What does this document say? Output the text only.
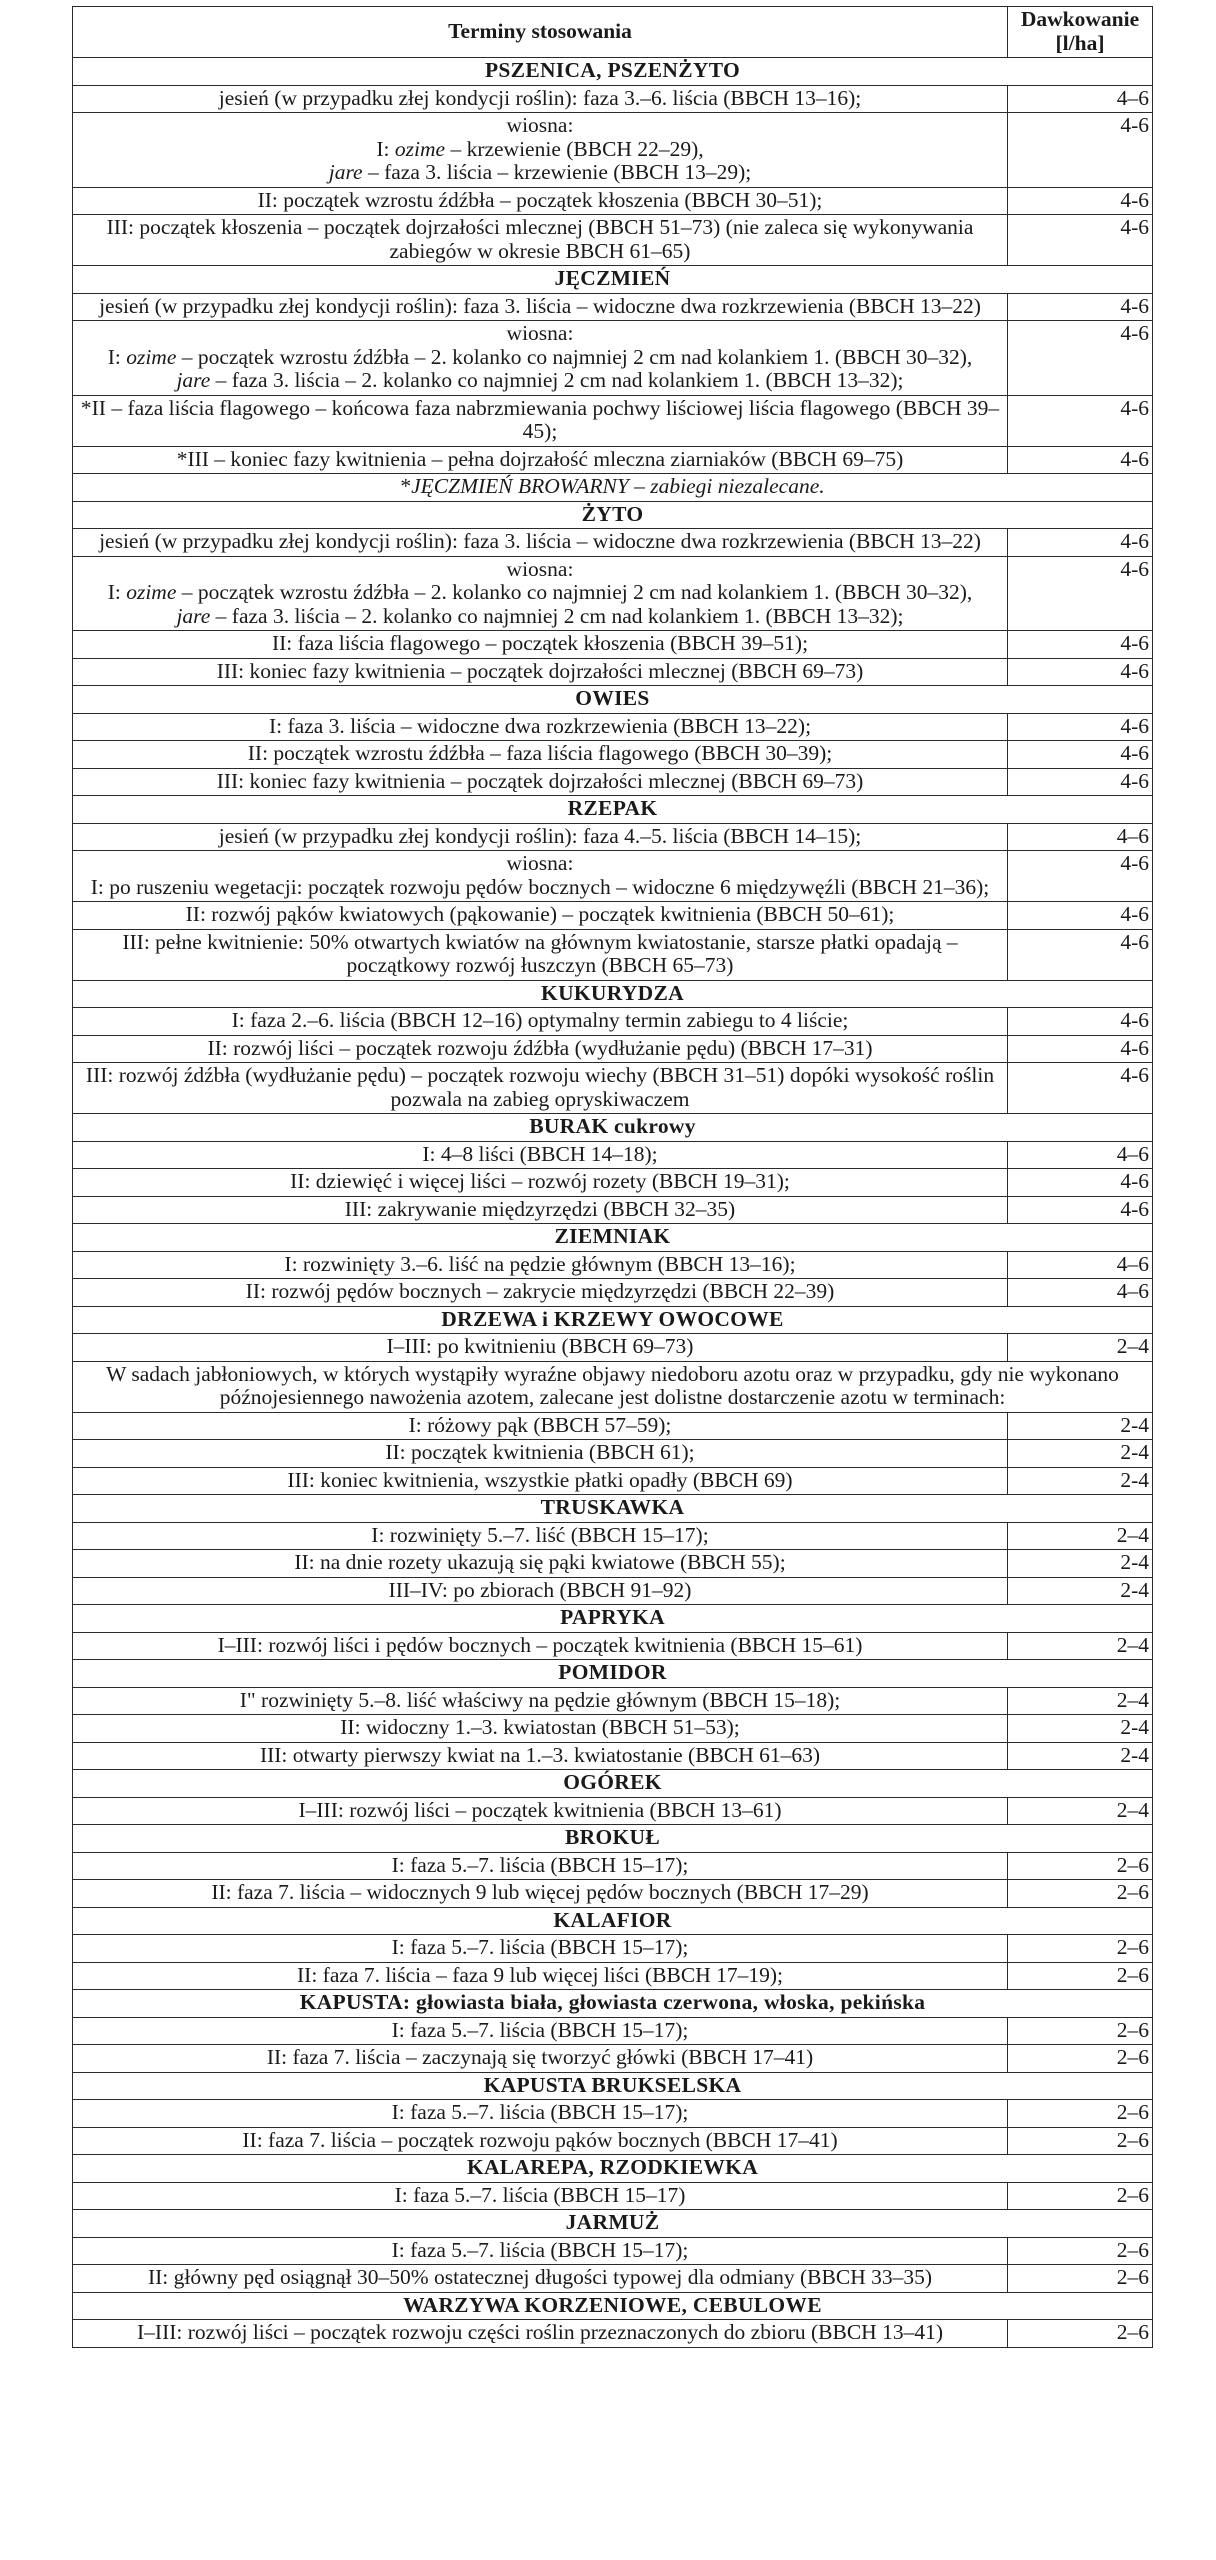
Terminy stosowania	Dawkowanie [l/ha]
PSZENICA, PSZENŻYTO	

jesień (w przypadku złej kondycji roślin): faza 3.–6. liścia (BBCH 13–16);	4–6

wiosna:
I: ozime – krzewienie (BBCH 22–29),
jare – faza 3. liścia – krzewienie (BBCH 13–29);	4-6

II: początek wzrostu źdźbła – początek kłoszenia (BBCH 30–51);	4-6

III: początek kłoszenia – początek dojrzałości mlecznej (BBCH 51–73) (nie zaleca się wykonywania zabiegów w okresie BBCH 61–65)	4-6
JĘCZMIEŃ	

jesień (w przypadku złej kondycji roślin): faza 3. liścia – widoczne dwa rozkrzewienia (BBCH 13–22)	4-6

wiosna:
I: ozime – początek wzrostu źdźbła – 2. kolanko co najmniej 2 cm nad kolankiem 1. (BBCH 30–32),
jare – faza 3. liścia – 2. kolanko co najmniej 2 cm nad kolankiem 1. (BBCH 13–32);	4-6

*II – faza liścia flagowego – końcowa faza nabrzmiewania pochwy liściowej liścia flagowego (BBCH 39–45);	4-6

*III – koniec fazy kwitnienia – pełna dojrzałość mleczna ziarniaków (BBCH 69–75)	4-6

*JĘCZMIEŃ BROWARNY – zabiegi niezalecane.	

ŻYTO	

jesień (w przypadku złej kondycji roślin): faza 3. liścia – widoczne dwa rozkrzewienia (BBCH 13–22)	4-6

wiosna:
I: ozime – początek wzrostu źdźbła – 2. kolanko co najmniej 2 cm nad kolankiem 1. (BBCH 30–32),
jare – faza 3. liścia – 2. kolanko co najmniej 2 cm nad kolankiem 1. (BBCH 13–32);	4-6

II: faza liścia flagowego – początek kłoszenia (BBCH 39–51);	4-6

III: koniec fazy kwitnienia – początek dojrzałości mlecznej (BBCH 69–73)	4-6
OWIES	

I: faza 3. liścia – widoczne dwa rozkrzewienia (BBCH 13–22);	4-6

II: początek wzrostu źdźbła – faza liścia flagowego (BBCH 30–39);	4-6

III: koniec fazy kwitnienia – początek dojrzałości mlecznej (BBCH 69–73)	4-6
RZEPAK	

jesień (w przypadku złej kondycji roślin): faza 4.–5. liścia (BBCH 14–15);	4–6

wiosna:
I: po ruszeniu wegetacji: początek rozwoju pędów bocznych – widoczne 6 międzywęźli (BBCH 21–36);	4-6

II: rozwój pąków kwiatowych (pąkowanie) – początek kwitnienia (BBCH 50–61);	4-6

III: pełne kwitnienie: 50% otwartych kwiatów na głównym kwiatostanie, starsze płatki opadają – początkowy rozwój łuszczyn (BBCH 65–73)	4-6
KUKURYDZA	

I: faza 2.–6. liścia (BBCH 12–16) optymalny termin zabiegu to 4 liście;	4-6

II: rozwój liści – początek rozwoju źdźbła (wydłużanie pędu) (BBCH 17–31)	4-6

III: rozwój źdźbła (wydłużanie pędu) – początek rozwoju wiechy (BBCH 31–51) dopóki wysokość roślin pozwala na zabieg opryskiwaczem	4-6
BURAK cukrowy	

I: 4–8 liści (BBCH 14–18);	4–6

II: dziewięć i więcej liści – rozwój rozety (BBCH 19–31);	4-6

III: zakrywanie międzyrzędzi (BBCH 32–35)	4-6
ZIEMNIAK	

I: rozwinięty 3.–6. liść na pędzie głównym (BBCH 13–16);	4–6

II: rozwój pędów bocznych – zakrycie międzyrzędzi (BBCH 22–39)	4–6
DRZEWA i KRZEWY OWOCOWE	

I–III: po kwitnieniu (BBCH 69–73)	2–4

W sadach jabłoniowych, w których wystąpiły wyraźne objawy niedoboru azotu oraz w przypadku, gdy nie wykonano późnojesiennego nawożenia azotem, zalecane jest dolistne dostarczenie azotu w terminach:	

I: różowy pąk (BBCH 57–59);	2-4

II: początek kwitnienia (BBCH 61);	2-4

III: koniec kwitnienia, wszystkie płatki opadły (BBCH 69)	2-4
TRUSKAWKA	

I: rozwinięty 5.–7. liść (BBCH 15–17);	2–4

II: na dnie rozety ukazują się pąki kwiatowe (BBCH 55);	2-4

III–IV: po zbiorach (BBCH 91–92)	2-4
PAPRYKA	

I–III: rozwój liści i pędów bocznych – początek kwitnienia (BBCH 15–61)	2–4
POMIDOR	

I" rozwinięty 5.–8. liść właściwy na pędzie głównym (BBCH 15–18);	2–4

II: widoczny 1.–3. kwiatostan (BBCH 51–53);	2-4

III: otwarty pierwszy kwiat na 1.–3. kwiatostanie (BBCH 61–63)	2-4
OGÓREK	

I–III: rozwój liści – początek kwitnienia (BBCH 13–61)	2–4
BROKUŁ	

I: faza 5.–7. liścia (BBCH 15–17);	2–6

II: faza 7. liścia – widocznych 9 lub więcej pędów bocznych (BBCH 17–29)	2–6
KALAFIOR	

I: faza 5.–7. liścia (BBCH 15–17);	2–6

II: faza 7. liścia – faza 9 lub więcej liści (BBCH 17–19);	2–6
KAPUSTA: głowiasta biała, głowiasta czerwona, włoska, pekińska	

I: faza 5.–7. liścia (BBCH 15–17);	2–6

II: faza 7. liścia – zaczynają się tworzyć główki (BBCH 17–41)	2–6
KAPUSTA BRUKSELSKA	

I: faza 5.–7. liścia (BBCH 15–17);	2–6

II: faza 7. liścia – początek rozwoju pąków bocznych (BBCH 17–41)	2–6
KALAREPA, RZODKIEWKA	

I: faza 5.–7. liścia (BBCH 15–17)	2–6
JARMUŻ	

I: faza 5.–7. liścia (BBCH 15–17);	2–6

II: główny pęd osiągnął 30–50% ostatecznej długości typowej dla odmiany (BBCH 33–35)	2–6
WARZYWA KORZENIOWE, CEBULOWE	

I–III: rozwój liści – początek rozwoju części roślin przeznaczonych do zbioru (BBCH 13–41)	2–6
